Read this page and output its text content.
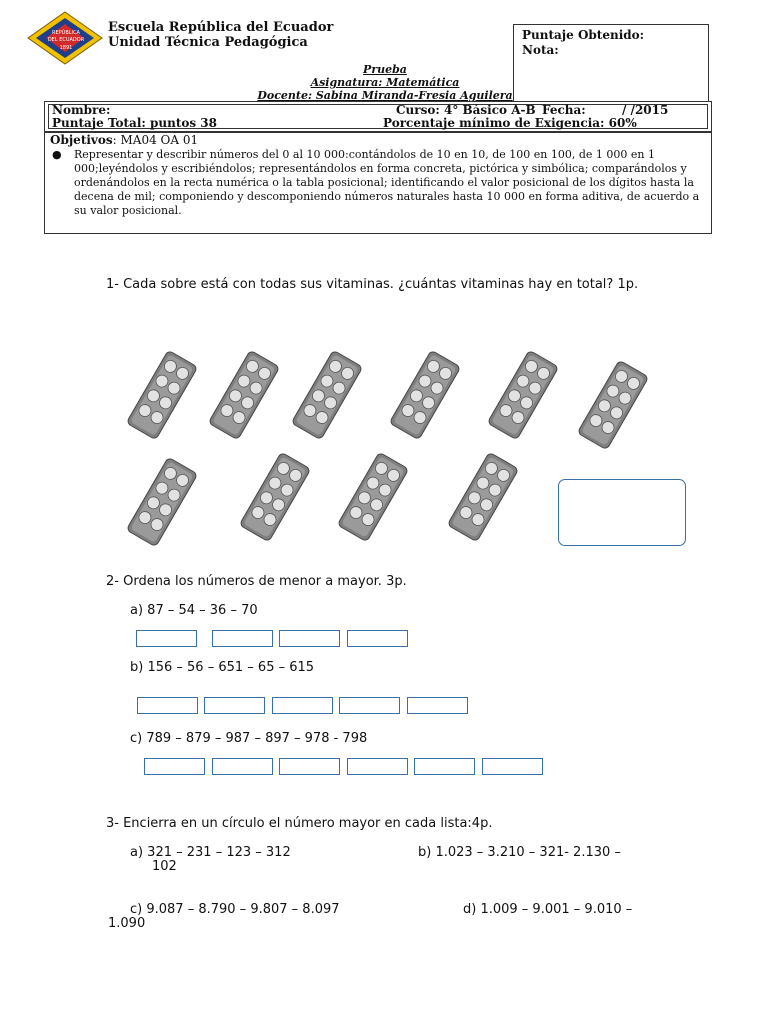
REPÚBLICA
DEL ECUADOR
1891
Escuela República del Ecuador
Unidad Técnica Pedagógica	Puntaje Obtenido:
Nota:
Prueba
Asignatura: Matemática
Docente: Sabina Miranda-Fresia Aguilera
Nombre:	Curso: 4° Básico A-B Fecha:	/ /2015
Puntaje Total: puntos 38	Porcentaje mínimo de Exigencia: 60%
Objetivos: MA04 OA 01
● Representar y describir números del 0 al 10 000:contándolos de 10 en 10, de 100 en 100, de 1 000 en 1 000;leyéndolos y escribiéndolos; representándolos en forma concreta, pictórica y simbólica; comparándolos y ordenándolos en la recta numérica o la tabla posicional; identificando el valor posicional de los dígitos hasta la decena de mil; componiendo y descomponiendo números naturales hasta 10 000 en forma aditiva, de acuerdo a su valor posicional.
1- Cada sobre está con todas sus vitaminas. ¿cuántas vitaminas hay en total? 1p.
2- Ordena los números de menor a mayor. 3p.
a) 87 – 54 – 36 – 70
b) 156 – 56 – 651 – 65 – 615
c) 789 – 879 – 987 – 897 – 978 - 798
3- Encierra en un círculo el número mayor en cada lista:4p.
a) 321 – 231 – 123 – 312
102
b) 1.023 – 3.210 – 321- 2.130 –
c) 9.087 – 8.790 – 9.807 – 8.097	d) 1.009 – 9.001 – 9.010 –
1.090
